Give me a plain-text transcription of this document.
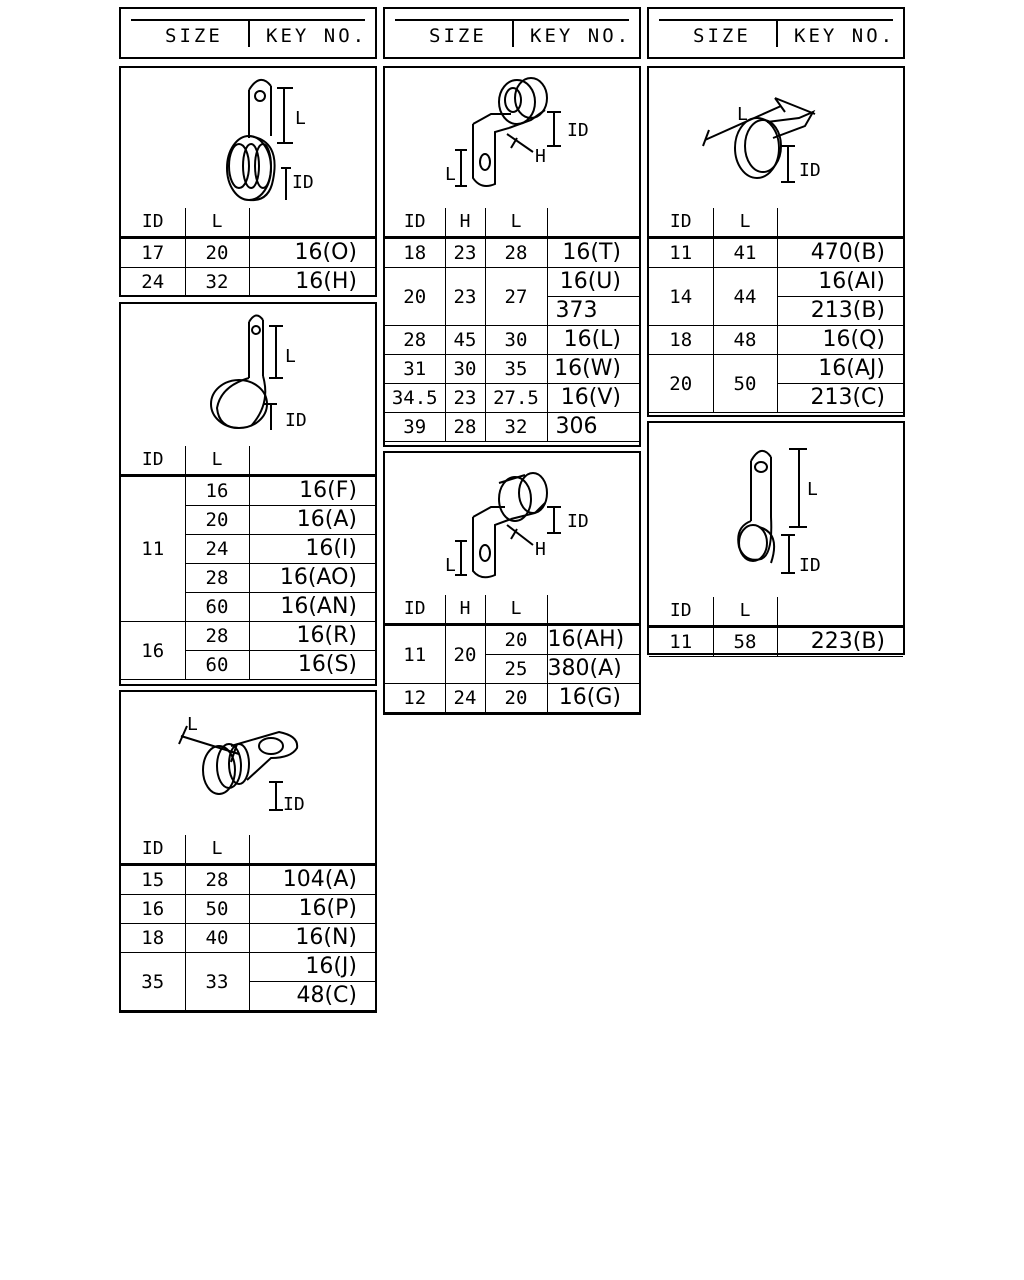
SIZE KEY NO.	SIZE KEY NO.	SIZE KEY NO.
L
ID
ID	L	
17	20	16(O)
24	32	16(H)
L
ID
ID	L	
11	16	16(F)
	20	16(A)
	24	16(I)
	28	16(AO)
	60	16(AN)
16	28	16(R)
	60	16(S)
L
ID
ID	L	
15	28	104(A)
16	50	16(P)
18	40	16(N)
35	33	16(J)
		48(C)
ID
H
L
ID	H	L	
18	23	28	16(T)
20	23	27	16(U)
			373
28	45	30	16(L)
31	30	35	16(W)
34.5	23	27.5	16(V)
39	28	32	306
ID
H
L
ID	H	L	
11	20	20	16(AH)
		25	380(A)
12	24	20	16(G)
L
ID
ID	L	
11	41	470(B)
14	44	16(AI)
		213(B)
18	48	16(Q)
20	50	16(AJ)
		213(C)
L
ID
ID	L	
11	58	223(B)
